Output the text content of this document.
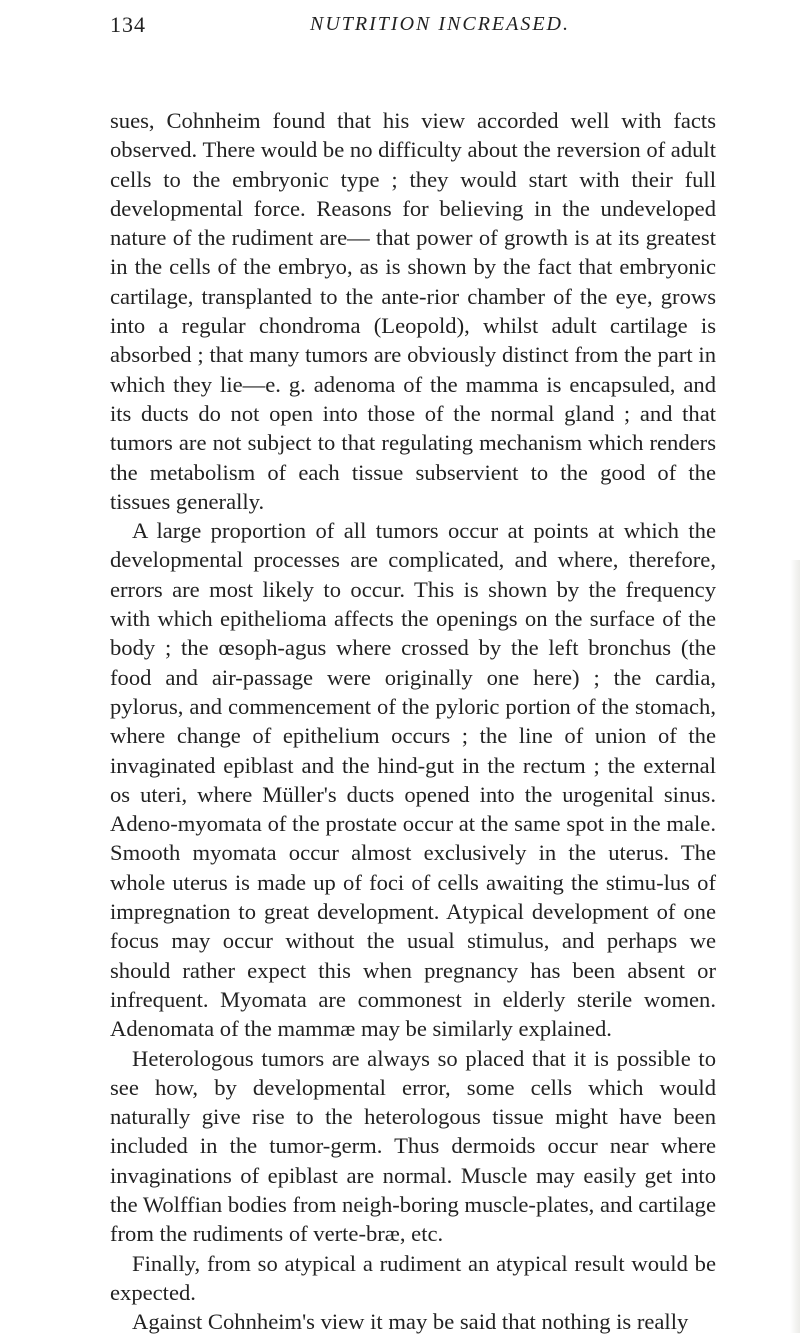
134	NUTRITION INCREASED.

sues, Cohnheim found that his view accorded well with facts observed. There would be no difficulty about the reversion of adult cells to the embryonic type ; they would start with their full developmental force. Reasons for believing in the undeveloped nature of the rudiment are— that power of growth is at its greatest in the cells of the embryo, as is shown by the fact that embryonic cartilage, transplanted to the ante-rior chamber of the eye, grows into a regular chondroma (Leopold), whilst adult cartilage is absorbed ; that many tumors are obviously distinct from the part in which they lie—e. g. adenoma of the mamma is encapsuled, and its ducts do not open into those of the normal gland ; and that tumors are not subject to that regulating mechanism which renders the metabolism of each tissue subservient to the good of the tissues generally.

A large proportion of all tumors occur at points at which the developmental processes are complicated, and where, therefore, errors are most likely to occur. This is shown by the frequency with which epithelioma affects the openings on the surface of the body ; the œsoph-agus where crossed by the left bronchus (the food and air-passage were originally one here) ; the cardia, pylorus, and commencement of the pyloric portion of the stomach, where change of epithelium occurs ; the line of union of the invaginated epiblast and the hind-gut in the rectum ; the external os uteri, where Müller's ducts opened into the urogenital sinus. Adeno-myomata of the prostate occur at the same spot in the male. Smooth myomata occur almost exclusively in the uterus. The whole uterus is made up of foci of cells awaiting the stimu-lus of impregnation to great development. Atypical development of one focus may occur without the usual stimulus, and perhaps we should rather expect this when pregnancy has been absent or infrequent. Myomata are commonest in elderly sterile women. Adenomata of the mammæ may be similarly explained.

Heterologous tumors are always so placed that it is possible to see how, by developmental error, some cells which would naturally give rise to the heterologous tissue might have been included in the tumor-germ. Thus dermoids occur near where invaginations of epiblast are normal. Muscle may easily get into the Wolffian bodies from neigh-boring muscle-plates, and cartilage from the rudiments of verte-bræ, etc.

Finally, from so atypical a rudiment an atypical result would be expected.

Against Cohnheim's view it may be said that nothing is really
